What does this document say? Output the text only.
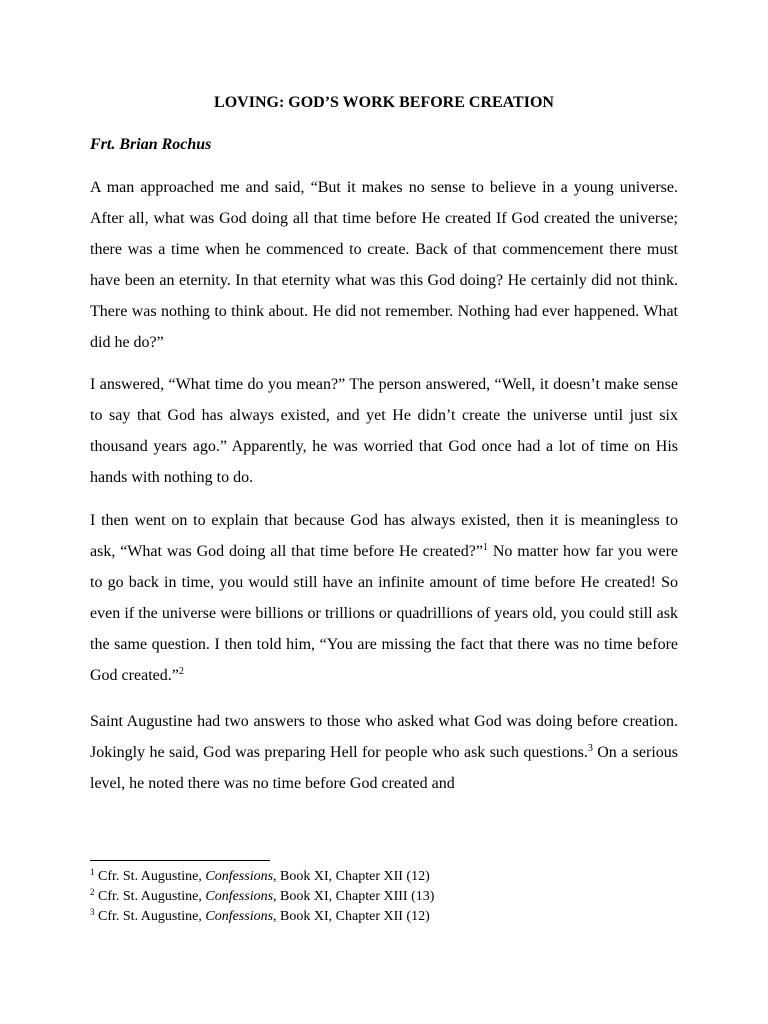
LOVING: GOD’S WORK BEFORE CREATION

Frt. Brian Rochus

A man approached me and said, “But it makes no sense to believe in a young universe. After all, what was God doing all that time before He created If God created the universe; there was a time when he commenced to create. Back of that commencement there must have been an eternity. In that eternity what was this God doing? He certainly did not think. There was nothing to think about. He did not remember. Nothing had ever happened. What did he do?”

I answered, “What time do you mean?” The person answered, “Well, it doesn’t make sense to say that God has always existed, and yet He didn’t create the universe until just six thousand years ago.” Apparently, he was worried that God once had a lot of time on His hands with nothing to do.

I then went on to explain that because God has always existed, then it is meaningless to ask, “What was God doing all that time before He created?”$^1$ No matter how far you were to go back in time, you would still have an infinite amount of time before He created! So even if the universe were billions or trillions or quadrillions of years old, you could still ask the same question. I then told him, “You are missing the fact that there was no time before God created.”$^2$

Saint Augustine had two answers to those who asked what God was doing before creation. Jokingly he said, God was preparing Hell for people who ask such questions.$^3$ On a serious level, he noted there was no time before God created and

$^1$ Cfr. St. Augustine, Confessions, Book XI, Chapter XII (12)
$^2$ Cfr. St. Augustine, Confessions, Book XI, Chapter XIII (13)
$^3$ Cfr. St. Augustine, Confessions, Book XI, Chapter XII (12)
